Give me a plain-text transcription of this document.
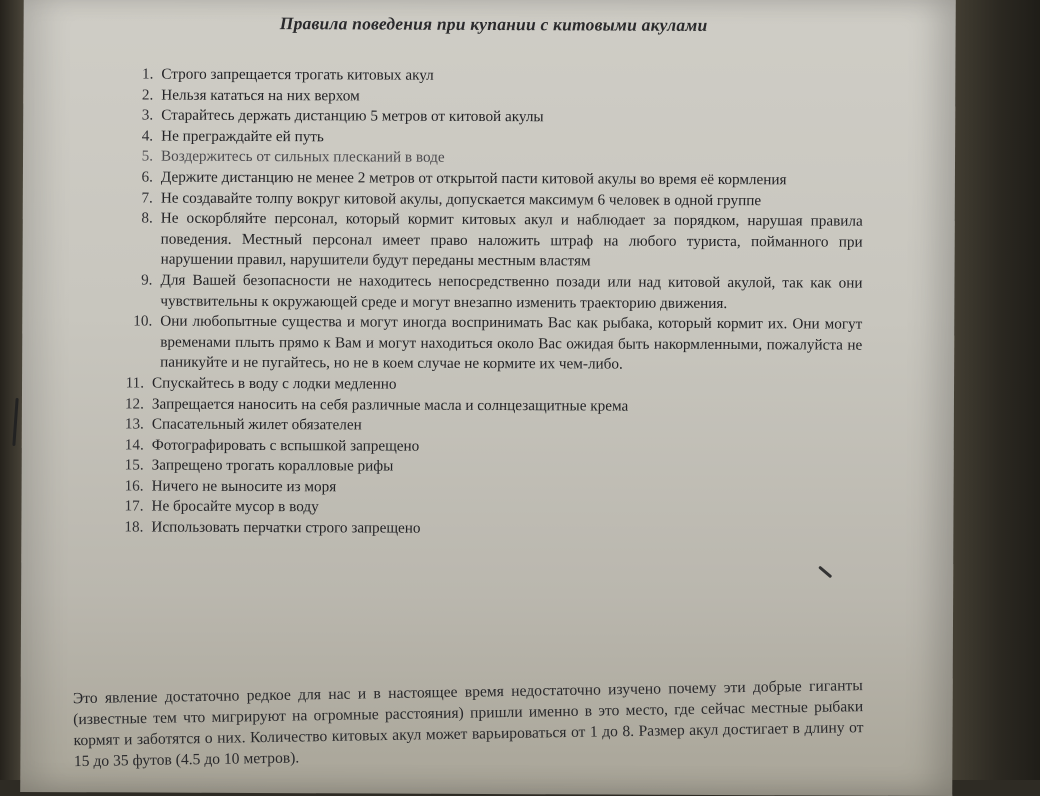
Правила поведения при купании с китовыми акулами
1. Строго запрещается трогать китовых акул
2. Нельзя кататься на них верхом
3. Старайтесь держать дистанцию 5 метров от китовой акулы
4. Не преграждайте ей путь
5. Воздержитесь от сильных плесканий в воде
6. Держите дистанцию не менее 2 метров от открытой пасти китовой акулы во время её кормления
7. Не создавайте толпу вокруг китовой акулы, допускается максимум 6 человек в одной группе
8. Не оскорбляйте персонал, который кормит китовых акул и наблюдает за порядком, нарушая правила поведения. Местный персонал имеет право наложить штраф на любого туриста, пойманного при нарушении правил, нарушители будут переданы местным властям
9. Для Вашей безопасности не находитесь непосредственно позади или над китовой акулой, так как они чувствительны к окружающей среде и могут внезапно изменить траекторию движения.
10. Они любопытные существа и могут иногда воспринимать Вас как рыбака, который кормит их. Они могут временами плыть прямо к Вам и могут находиться около Вас ожидая быть накормленными, пожалуйста не паникуйте и не пугайтесь, но не в коем случае не кормите их чем-либо.
11. Спускайтесь в воду с лодки медленно
12. Запрещается наносить на себя различные масла и солнцезащитные крема
13. Спасательный жилет обязателен
14. Фотографировать с вспышкой запрещено
15. Запрещено трогать коралловые рифы
16. Ничего не выносите из моря
17. Не бросайте мусор в воду
18. Использовать перчатки строго запрещено

Это явление достаточно редкое для нас и в настоящее время недостаточно изучено почему эти добрые гиганты (известные тем что мигрируют на огромные расстояния) пришли именно в это место, где сейчас местные рыбаки кормят и заботятся о них. Количество китовых акул может варьироваться от 1 до 8. Размер акул достигает в длину от 15 до 35 футов (4.5 до 10 метров).
